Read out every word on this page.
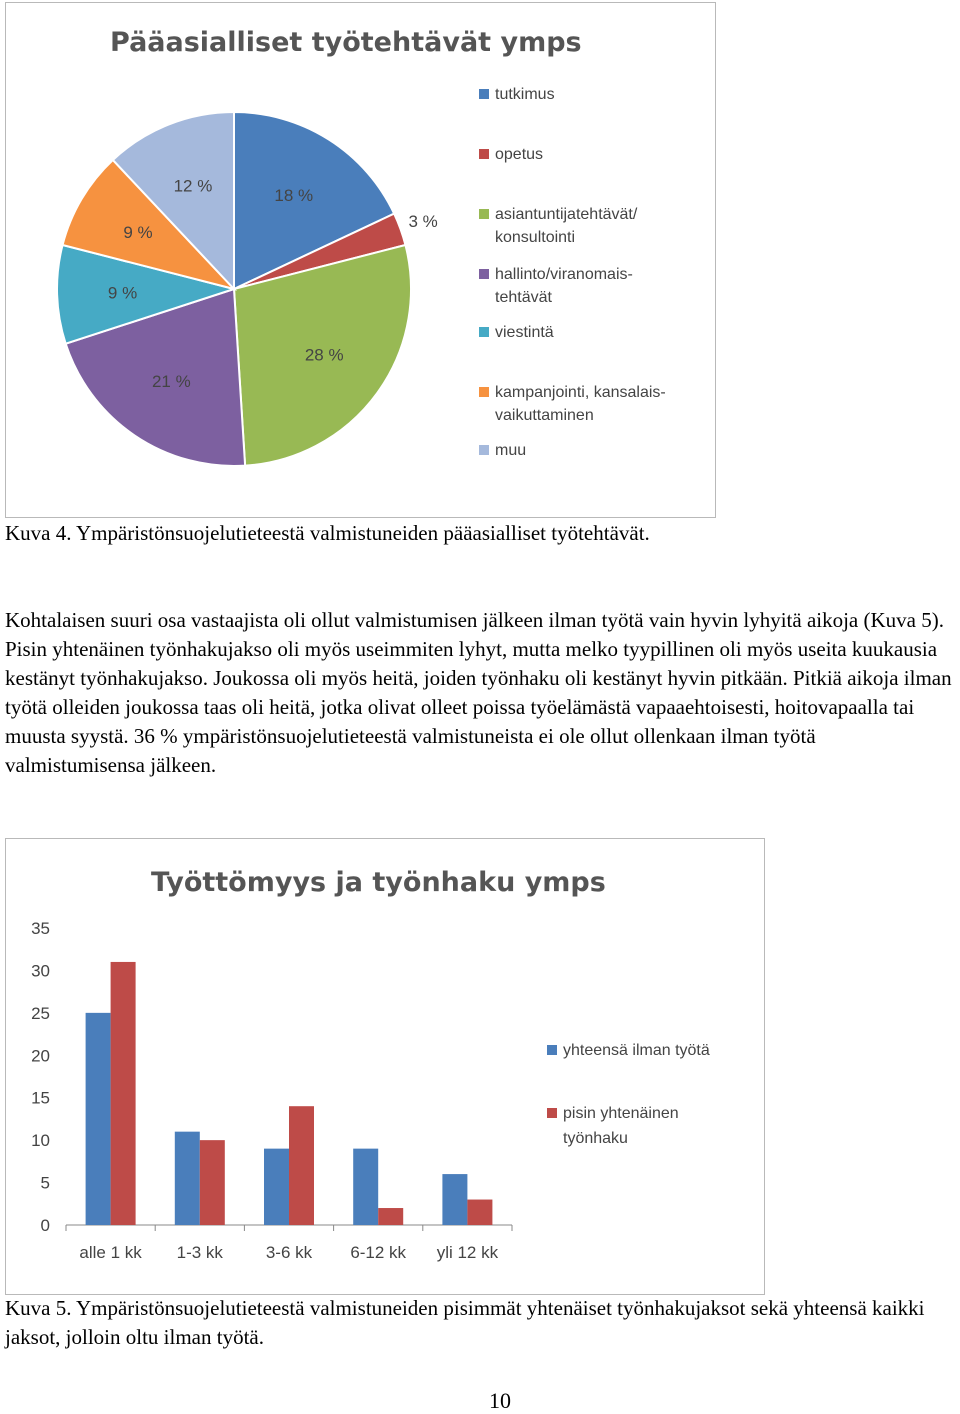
Pääasialliset työtehtävät ymps
18 %
3 %
28 %
21 %
9 %
9 %
12 %
tutkimus
opetus
asiantuntijatehtävät/
konsultointi
hallinto/viranomais-
tehtävät
viestintä
kampanjointi, kansalais-
vaikuttaminen
muu
Kuva 4. Ympäristönsuojelutieteestä valmistuneiden pääasialliset työtehtävät.
Kohtalaisen suuri osa vastaajista oli ollut valmistumisen jälkeen ilman työtä vain hyvin lyhyitä aikoja (Kuva 5). Pisin yhtenäinen työnhakujakso oli myös useimmiten lyhyt, mutta melko tyypillinen oli myös useita kuukausia kestänyt työnhakujakso. Joukossa oli myös heitä, joiden työnhaku oli kestänyt hyvin pitkään. Pitkiä aikoja ilman työtä olleiden joukossa taas oli heitä, jotka olivat olleet poissa työelämästä vapaaehtoisesti, hoitovapaalla tai muusta syystä. 36 % ympäristönsuojelutieteestä valmistuneista ei ole ollut ollenkaan ilman työtä valmistumisensa jälkeen.
Työttömyys ja työnhaku ymps
0
5
10
15
20
25
30
35
alle 1 kk 1-3 kk	3-6 kk 6-12 kk yli 12 kk
yhteensä ilman työtä
pisin yhtenäinen
työnhaku
Kuva 5. Ympäristönsuojelutieteestä valmistuneiden pisimmät yhtenäiset työnhakujaksot sekä yhteensä kaikki jaksot, jolloin oltu ilman työtä.
10
